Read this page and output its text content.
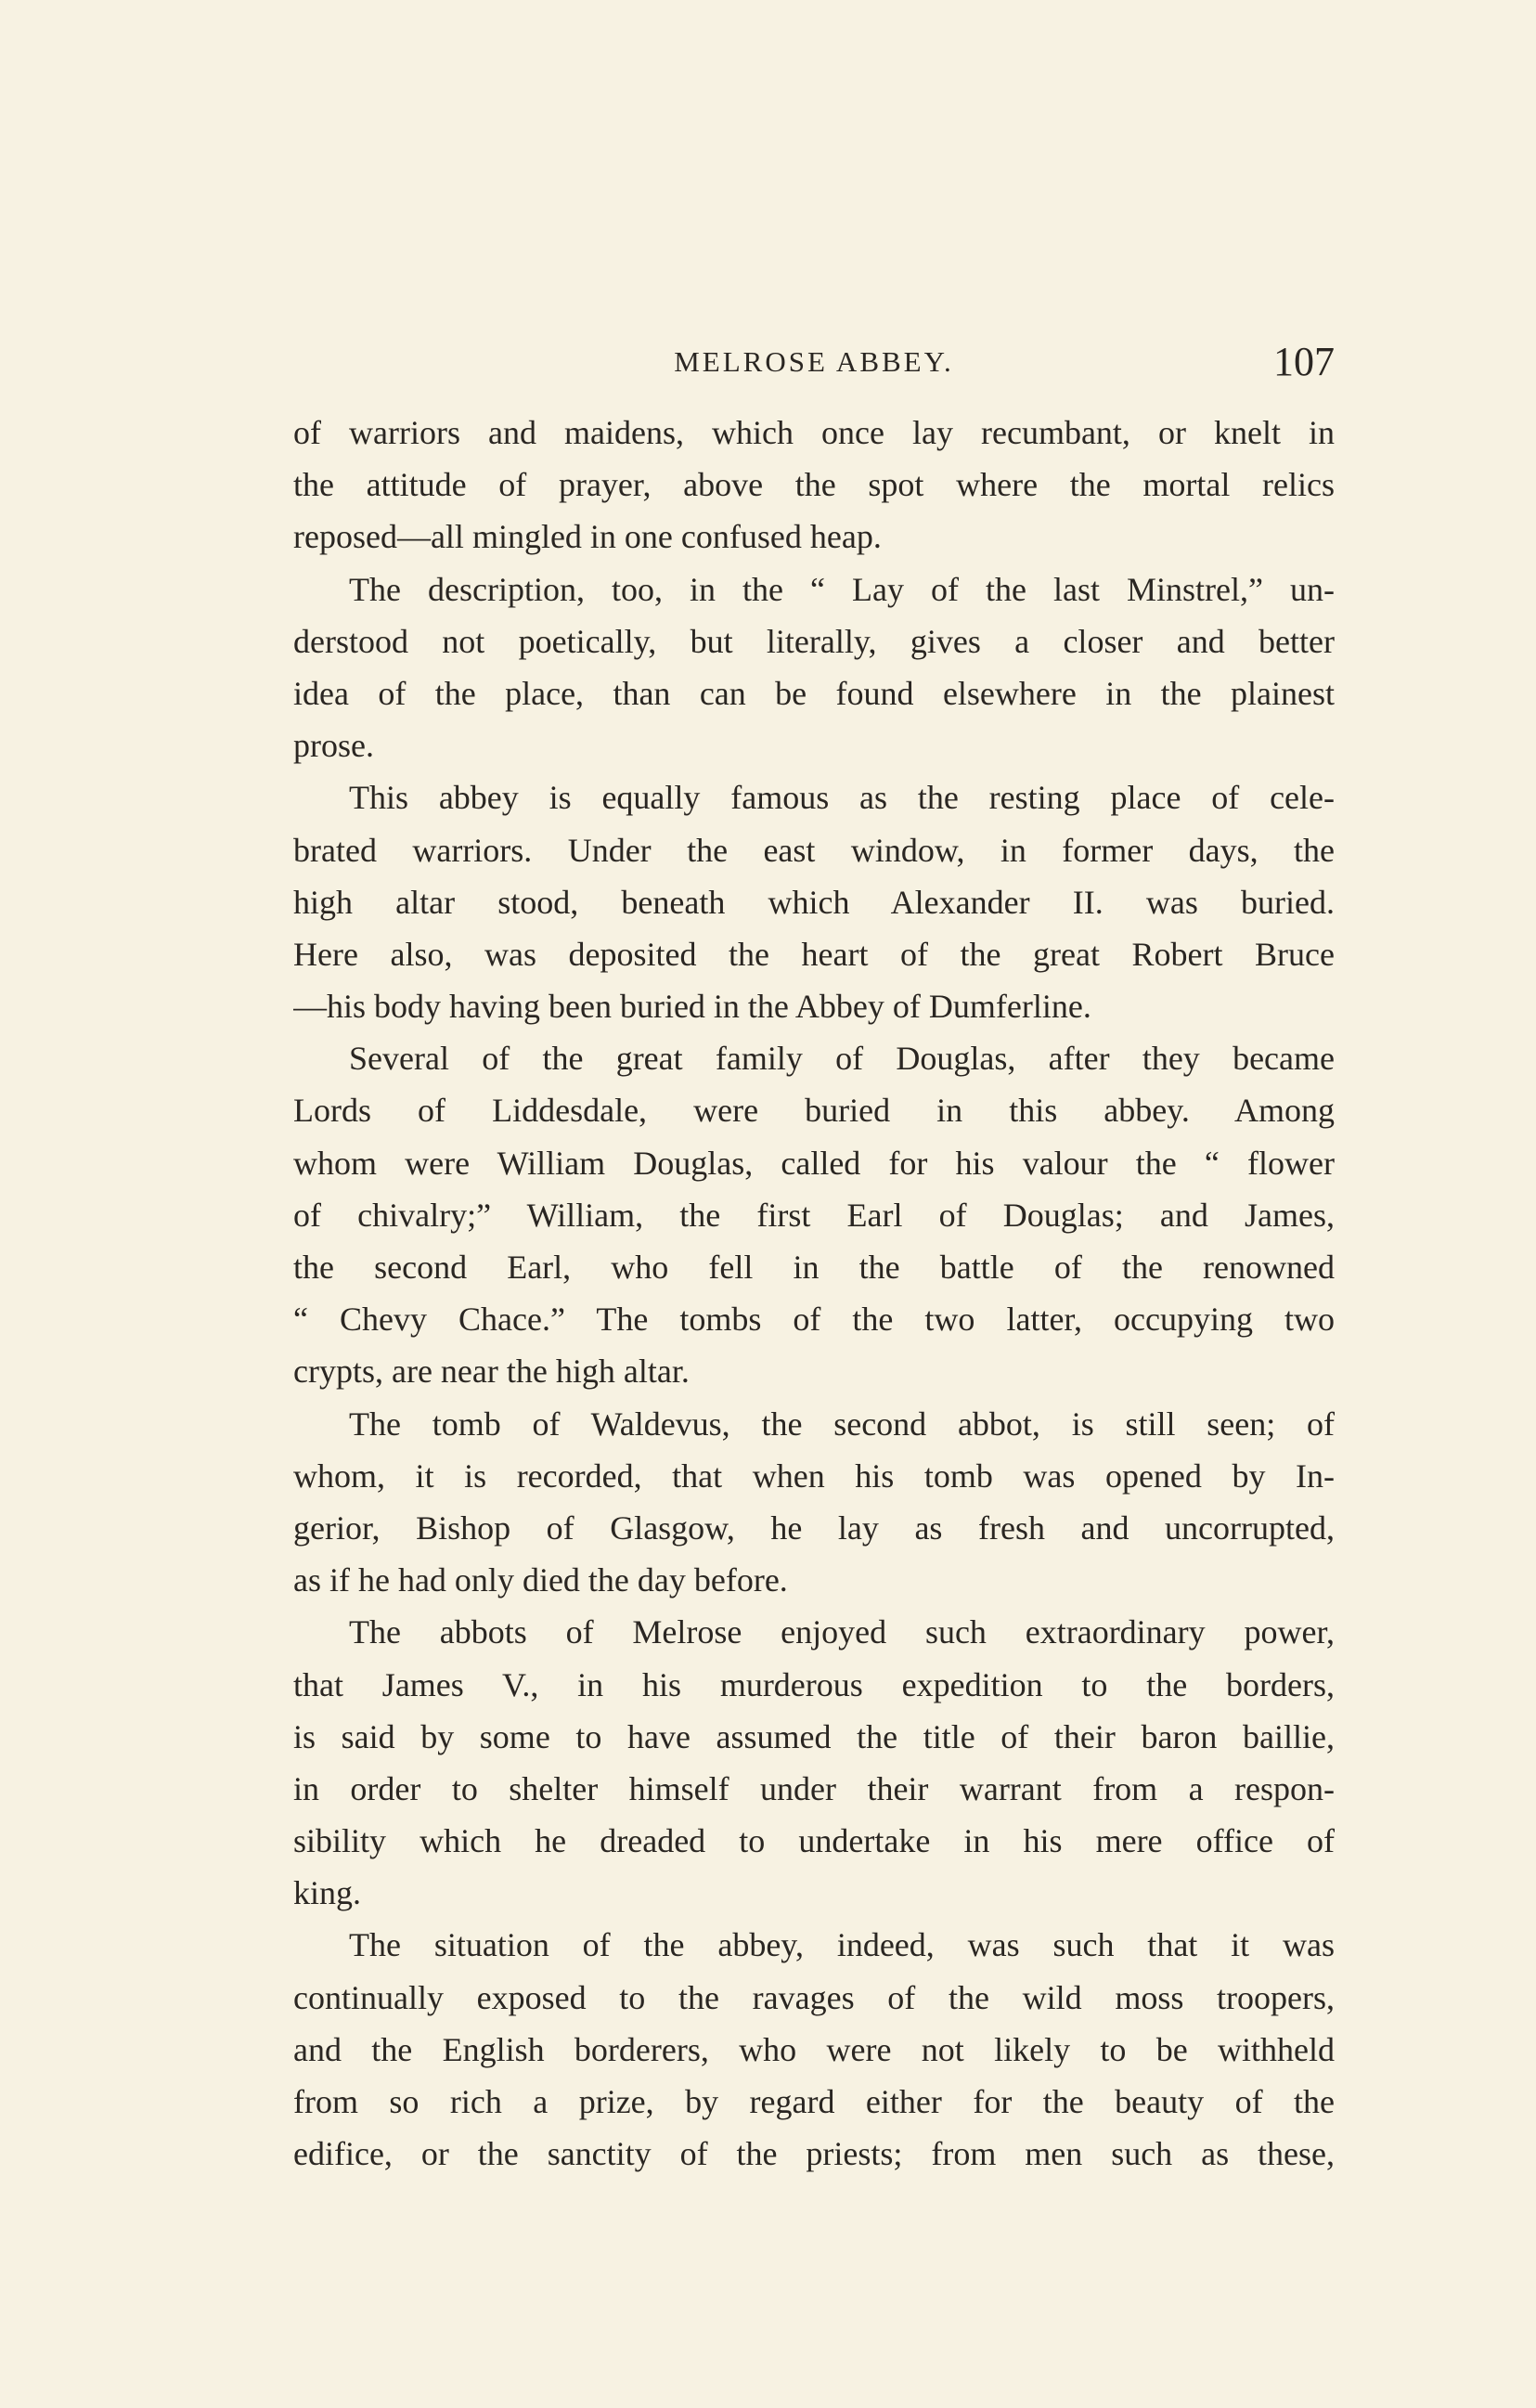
MELROSE ABBEY.	107
of warriors and maidens, which once lay recumbant, or knelt in
the attitude of prayer, above the spot where the mortal relics
reposed—all mingled in one confused heap.
The description, too, in the “ Lay of the last Minstrel,” un-
derstood not poetically, but literally, gives a closer and better
idea of the place, than can be found elsewhere in the plainest
prose.
This abbey is equally famous as the resting place of cele-
brated warriors. Under the east window, in former days, the
high altar stood, beneath which Alexander II. was buried.
Here also, was deposited the heart of the great Robert Bruce
—his body having been buried in the Abbey of Dumferline.
Several of the great family of Douglas, after they became
Lords of Liddesdale, were buried in this abbey. Among
whom were William Douglas, called for his valour the “ flower
of chivalry;” William, the first Earl of Douglas; and James,
the second Earl, who fell in the battle of the renowned
“ Chevy Chace.” The tombs of the two latter, occupying two
crypts, are near the high altar.
The tomb of Waldevus, the second abbot, is still seen; of
whom, it is recorded, that when his tomb was opened by In-
gerior, Bishop of Glasgow, he lay as fresh and uncorrupted,
as if he had only died the day before.
The abbots of Melrose enjoyed such extraordinary power,
that James V., in his murderous expedition to the borders,
is said by some to have assumed the title of their baron baillie,
in order to shelter himself under their warrant from a respon-
sibility which he dreaded to undertake in his mere office of
king.
The situation of the abbey, indeed, was such that it was
continually exposed to the ravages of the wild moss troopers,
and the English borderers, who were not likely to be withheld
from so rich a prize, by regard either for the beauty of the
edifice, or the sanctity of the priests; from men such as these,
